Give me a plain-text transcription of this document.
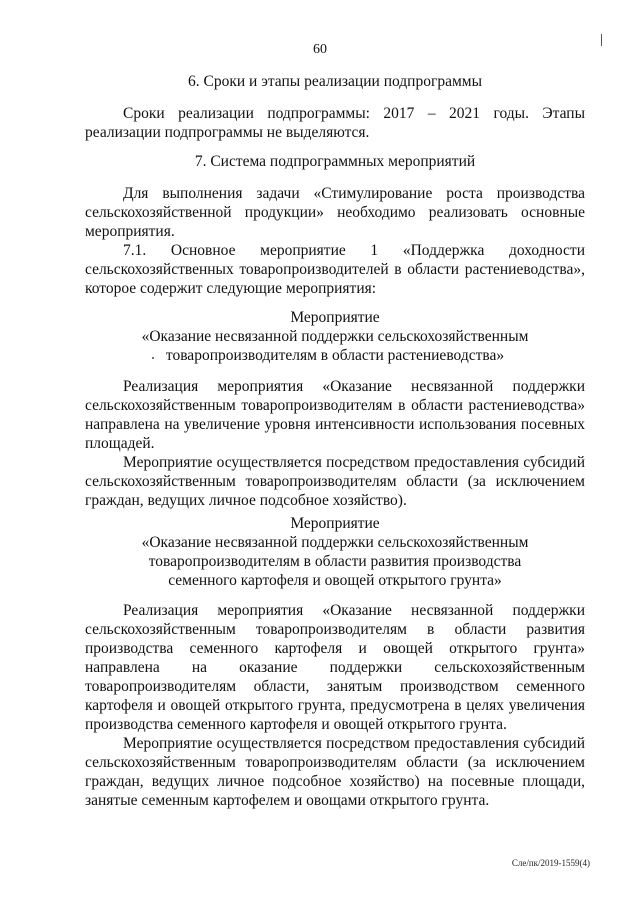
60
6. Сроки и этапы реализации подпрограммы

Сроки реализации подпрограммы: 2017 – 2021 годы. Этапы реализации подпрограммы не выделяются.

7. Система подпрограммных мероприятий

Для выполнения задачи «Стимулирование роста производства сельскохозяйственной продукции» необходимо реализовать основные мероприятия.

7.1. Основное мероприятие 1 «Поддержка доходности сельскохозяйственных товаропроизводителей в области растениеводства», которое содержит следующие мероприятия:

Мероприятие
«Оказание несвязанной поддержки сельскохозяйственным
товаропроизводителям в области растениеводства»

Реализация мероприятия «Оказание несвязанной поддержки сельскохозяйственным товаропроизводителям в области растениеводства» направлена на увеличение уровня интенсивности использования посевных площадей.

Мероприятие осуществляется посредством предоставления субсидий сельскохозяйственным товаропроизводителям области (за исключением граждан, ведущих личное подсобное хозяйство).

Мероприятие
«Оказание несвязанной поддержки сельскохозяйственным
товаропроизводителям в области развития производства
семенного картофеля и овощей открытого грунта»

Реализация мероприятия «Оказание несвязанной поддержки сельскохозяйственным товаропроизводителям в области развития производства семенного картофеля и овощей открытого грунта» направлена на оказание поддержки сельскохозяйственным товаропроизводителям области, занятым производством семенного картофеля и овощей открытого грунта, предусмотрена в целях увеличения производства семенного картофеля и овощей открытого грунта.

Мероприятие осуществляется посредством предоставления субсидий сельскохозяйственным товаропроизводителям области (за исключением граждан, ведущих личное подсобное хозяйство) на посевные площади, занятые семенным картофелем и овощами открытого грунта.

Сле/пк/2019-1559(4)
